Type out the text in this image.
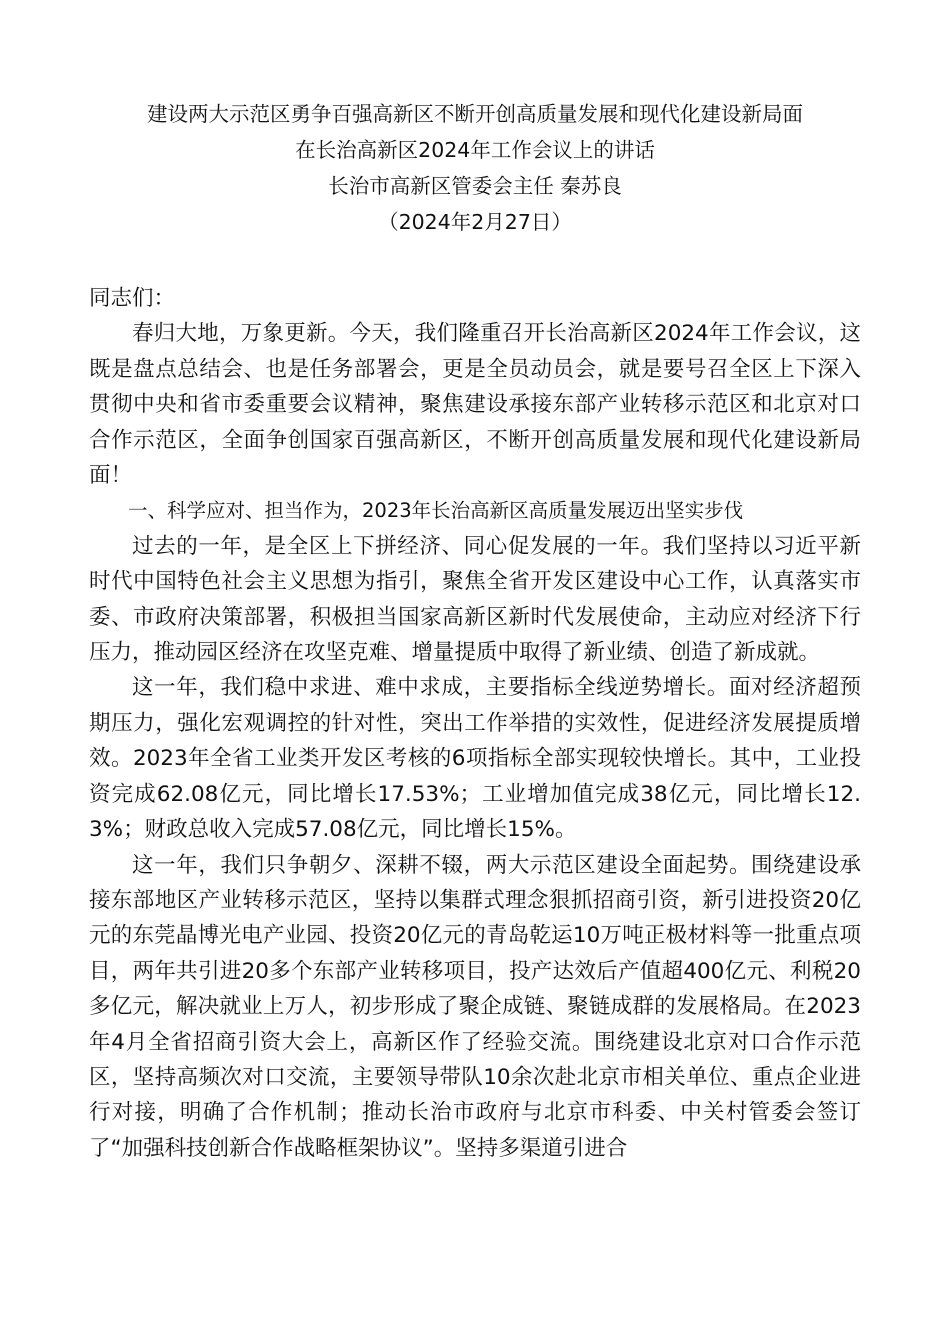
建设两大示范区勇争百强高新区不断开创高质量发展和现代化建设新局面
在长治高新区2024年工作会议上的讲话
长治市高新区管委会主任 秦苏良
（2024年2月27日）

同志们：

春归大地，万象更新。今天，我们隆重召开长治高新区2024年工作会议，这既是盘点总结会、也是任务部署会，更是全员动员会，就是要号召全区上下深入贯彻中央和省市委重要会议精神，聚焦建设承接东部产业转移示范区和北京对口合作示范区，全面争创国家百强高新区，不断开创高质量发展和现代化建设新局面！

一、科学应对、担当作为，2023年长治高新区高质量发展迈出坚实步伐

过去的一年，是全区上下拼经济、同心促发展的一年。我们坚持以习近平新时代中国特色社会主义思想为指引，聚焦全省开发区建设中心工作，认真落实市委、市政府决策部署，积极担当国家高新区新时代发展使命，主动应对经济下行压力，推动园区经济在攻坚克难、增量提质中取得了新业绩、创造了新成就。

这一年，我们稳中求进、难中求成，主要指标全线逆势增长。面对经济超预期压力，强化宏观调控的针对性，突出工作举措的实效性，促进经济发展提质增效。2023年全省工业类开发区考核的6项指标全部实现较快增长。其中，工业投资完成62.08亿元，同比增长17.53%；工业增加值完成38亿元，同比增长12.3%；财政总收入完成57.08亿元，同比增长15%。

这一年，我们只争朝夕、深耕不辍，两大示范区建设全面起势。围绕建设承接东部地区产业转移示范区，坚持以集群式理念狠抓招商引资，新引进投资20亿元的东莞晶博光电产业园、投资20亿元的青岛乾运10万吨正极材料等一批重点项目，两年共引进20多个东部产业转移项目，投产达效后产值超400亿元、利税20多亿元，解决就业上万人，初步形成了聚企成链、聚链成群的发展格局。在2023年4月全省招商引资大会上，高新区作了经验交流。围绕建设北京对口合作示范区，坚持高频次对口交流，主要领导带队10余次赴北京市相关单位、重点企业进行对接，明确了合作机制；推动长治市政府与北京市科委、中关村管委会签订了“加强科技创新合作战略框架协议”。坚持多渠道引进合
